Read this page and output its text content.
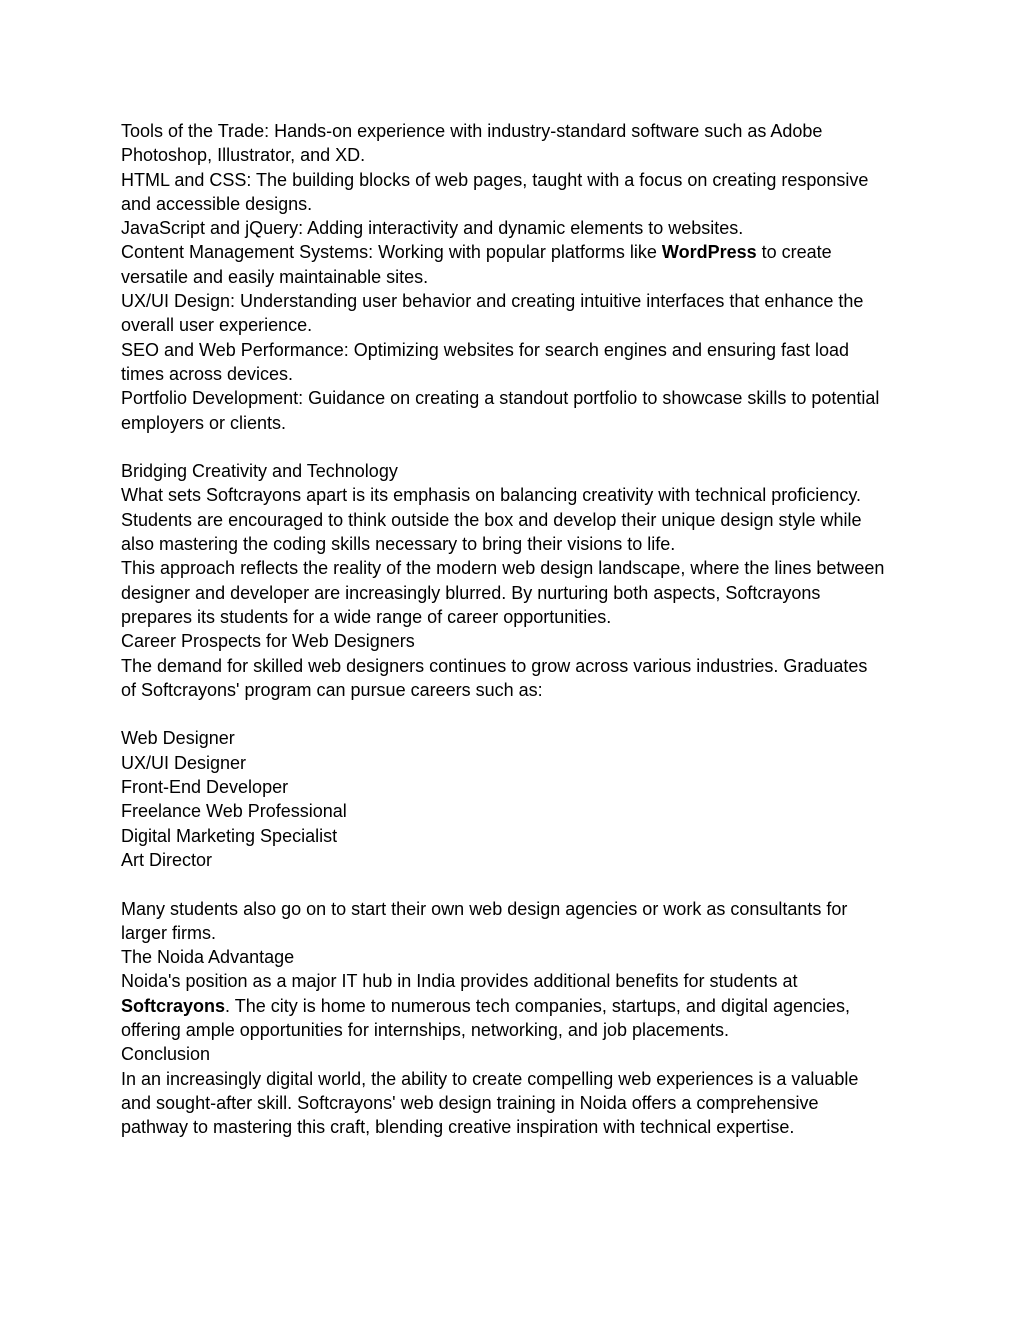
Tools of the Trade: Hands-on experience with industry-standard software such as Adobe

Photoshop, Illustrator, and XD.

HTML and CSS: The building blocks of web pages, taught with a focus on creating responsive

and accessible designs.

JavaScript and jQuery: Adding interactivity and dynamic elements to websites.

Content Management Systems: Working with popular platforms like WordPress to create

versatile and easily maintainable sites.

UX/UI Design: Understanding user behavior and creating intuitive interfaces that enhance the

overall user experience.

SEO and Web Performance: Optimizing websites for search engines and ensuring fast load

times across devices.

Portfolio Development: Guidance on creating a standout portfolio to showcase skills to potential

employers or clients.

Bridging Creativity and Technology

What sets Softcrayons apart is its emphasis on balancing creativity with technical proficiency.

Students are encouraged to think outside the box and develop their unique design style while

also mastering the coding skills necessary to bring their visions to life.

This approach reflects the reality of the modern web design landscape, where the lines between

designer and developer are increasingly blurred. By nurturing both aspects, Softcrayons

prepares its students for a wide range of career opportunities.

Career Prospects for Web Designers

The demand for skilled web designers continues to grow across various industries. Graduates

of Softcrayons' program can pursue careers such as:

Web Designer

UX/UI Designer

Front-End Developer

Freelance Web Professional

Digital Marketing Specialist

Art Director

Many students also go on to start their own web design agencies or work as consultants for

larger firms.

The Noida Advantage

Noida's position as a major IT hub in India provides additional benefits for students at

Softcrayons. The city is home to numerous tech companies, startups, and digital agencies,

offering ample opportunities for internships, networking, and job placements.

Conclusion

In an increasingly digital world, the ability to create compelling web experiences is a valuable

and sought-after skill. Softcrayons' web design training in Noida offers a comprehensive

pathway to mastering this craft, blending creative inspiration with technical expertise.
